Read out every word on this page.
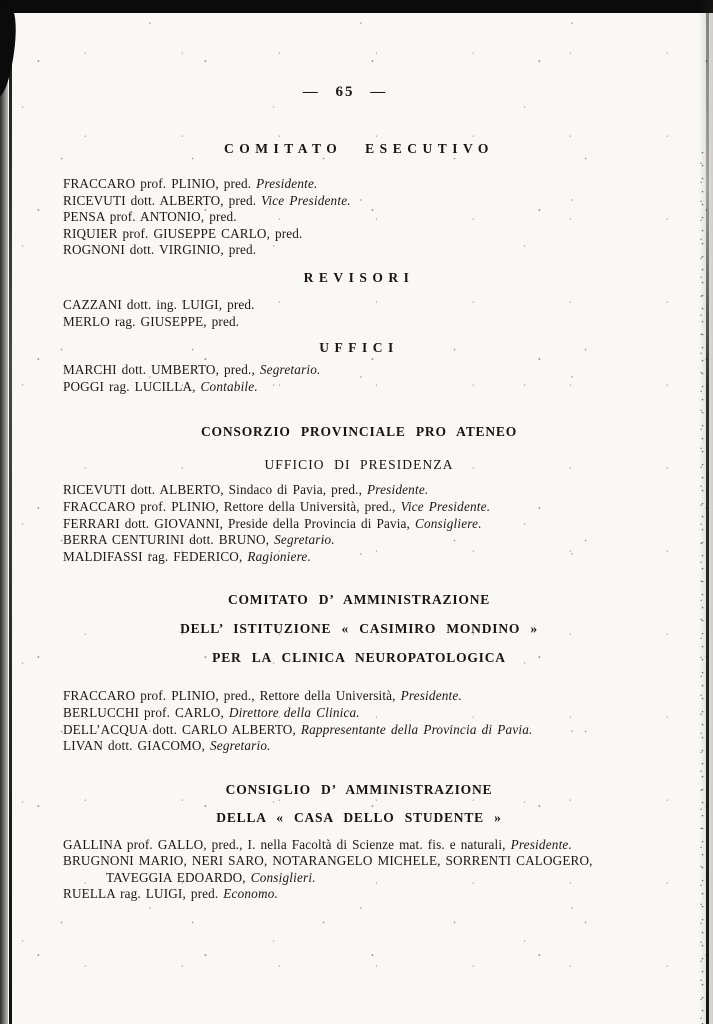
— 65 —
COMITATO ESECUTIVO
FRACCARO prof. PLINIO, pred. Presidente.
RICEVUTI dott. ALBERTO, pred. Vice Presidente.
PENSA prof. ANTONIO, pred.
RIQUIER prof. GIUSEPPE CARLO, pred.
ROGNONI dott. VIRGINIO, pred.
REVISORI
CAZZANI dott. ing. LUIGI, pred.
MERLO rag. GIUSEPPE, pred.
UFFICI
MARCHI dott. UMBERTO, pred., Segretario.
POGGI rag. LUCILLA, Contabile.
CONSORZIO PROVINCIALE PRO ATENEO
UFFICIO DI PRESIDENZA
RICEVUTI dott. ALBERTO, Sindaco di Pavia, pred., Presidente.
FRACCARO prof. PLINIO, Rettore della Università, pred., Vice Presidente.
FERRARI dott. GIOVANNI, Preside della Provincia di Pavia, Consigliere.
BERRA CENTURINI dott. BRUNO, Segretario.
MALDIFASSI rag. FEDERICO, Ragioniere.
COMITATO D’ AMMINISTRAZIONE
DELL’ ISTITUZIONE « CASIMIRO MONDINO »
PER LA CLINICA NEUROPATOLOGICA
FRACCARO prof. PLINIO, pred., Rettore della Università, Presidente.
BERLUCCHI prof. CARLO, Direttore della Clinica.
DELL’ACQUA dott. CARLO ALBERTO, Rappresentante della Provincia di Pavia.
LIVAN dott. GIACOMO, Segretario.
CONSIGLIO D’ AMMINISTRAZIONE
DELLA « CASA DELLO STUDENTE »
GALLINA prof. GALLO, pred., I. nella Facoltà di Scienze mat. fis. e naturali, Presidente.
BRUGNONI MARIO, NERI SARO, NOTARANGELO MICHELE, SORRENTI CALOGERO,
TAVEGGIA EDOARDO, Consiglieri.
RUELLA rag. LUIGI, pred. Economo.
